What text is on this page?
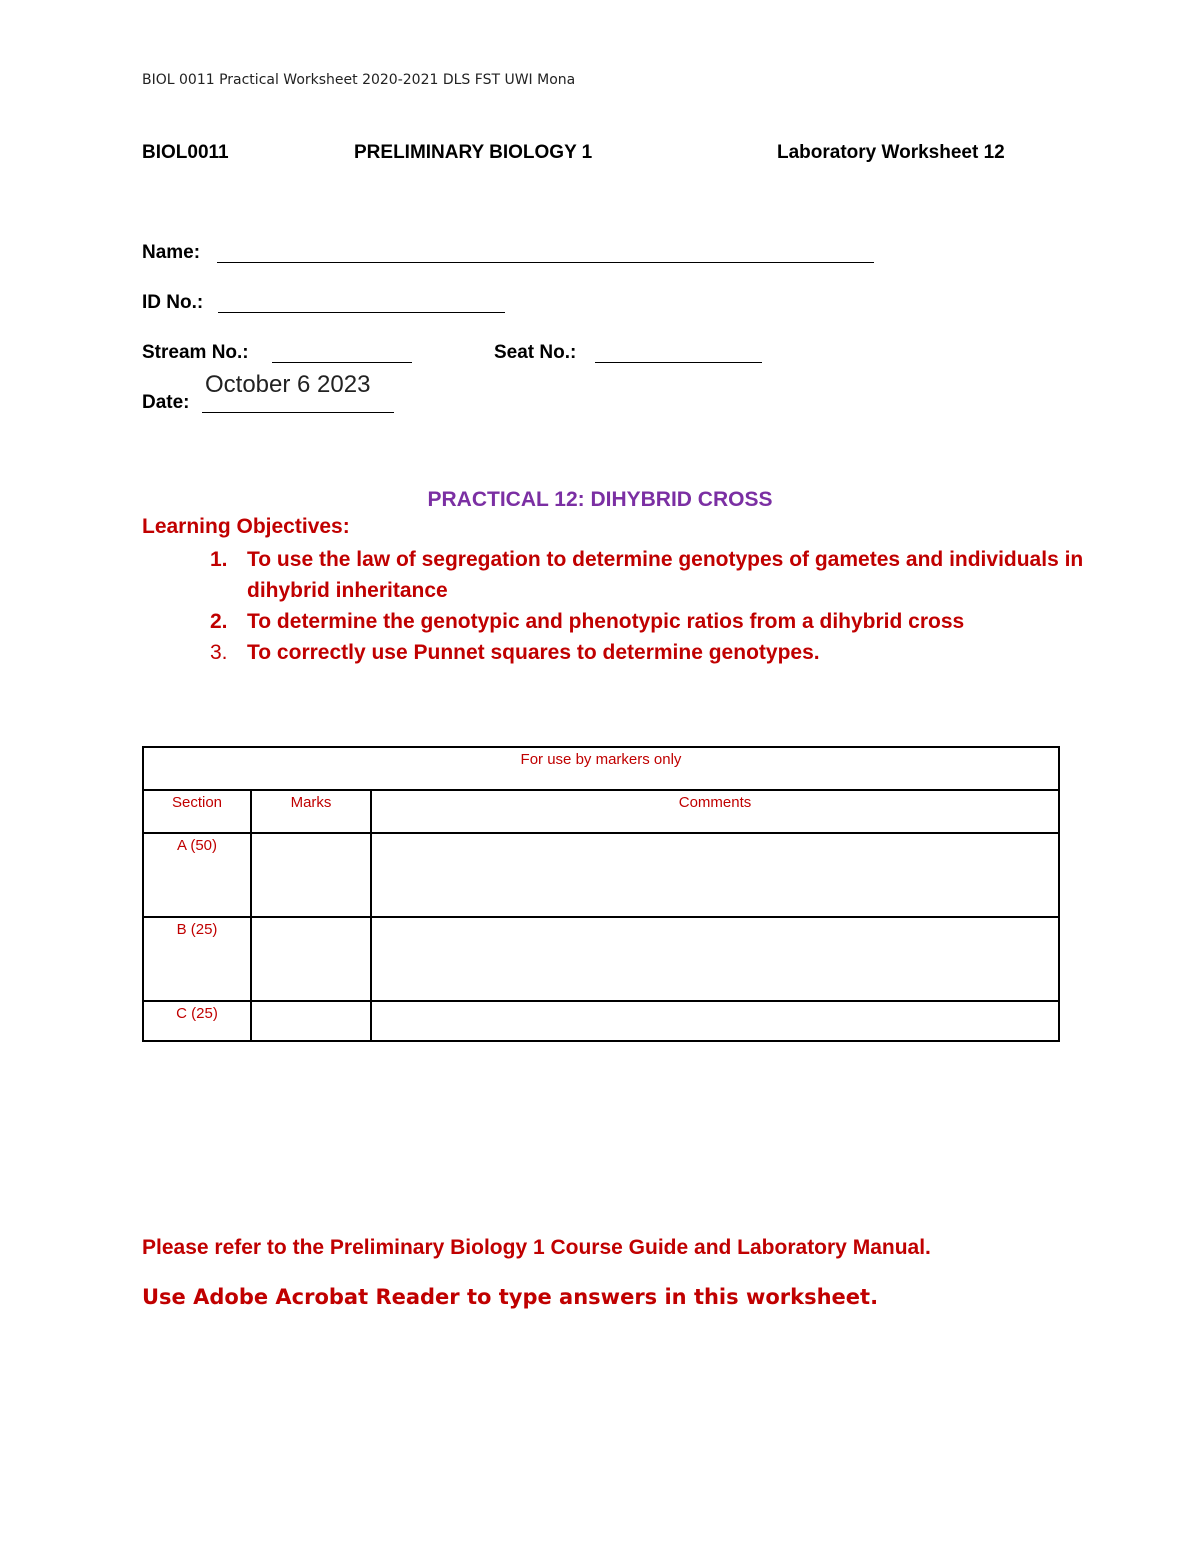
BIOL 0011 Practical Worksheet 2020-2021 DLS FST UWI Mona
BIOL0011	PRELIMINARY BIOLOGY 1	Laboratory Worksheet 12
Name:
ID No.:
Stream No.:	Seat No.:
Date:
October 6 2023
PRACTICAL 12: DIHYBRID CROSS
Learning Objectives:
1. To use the law of segregation to determine genotypes of gametes and individuals in dihybrid inheritance
2. To determine the genotypic and phenotypic ratios from a dihybrid cross
3. To correctly use Punnet squares to determine genotypes.
For use by markers only		
Section	Marks	Comments
A (50)		
B (25)		
C (25)		
Please refer to the Preliminary Biology 1 Course Guide and Laboratory Manual.
Use Adobe Acrobat Reader to type answers in this worksheet.
